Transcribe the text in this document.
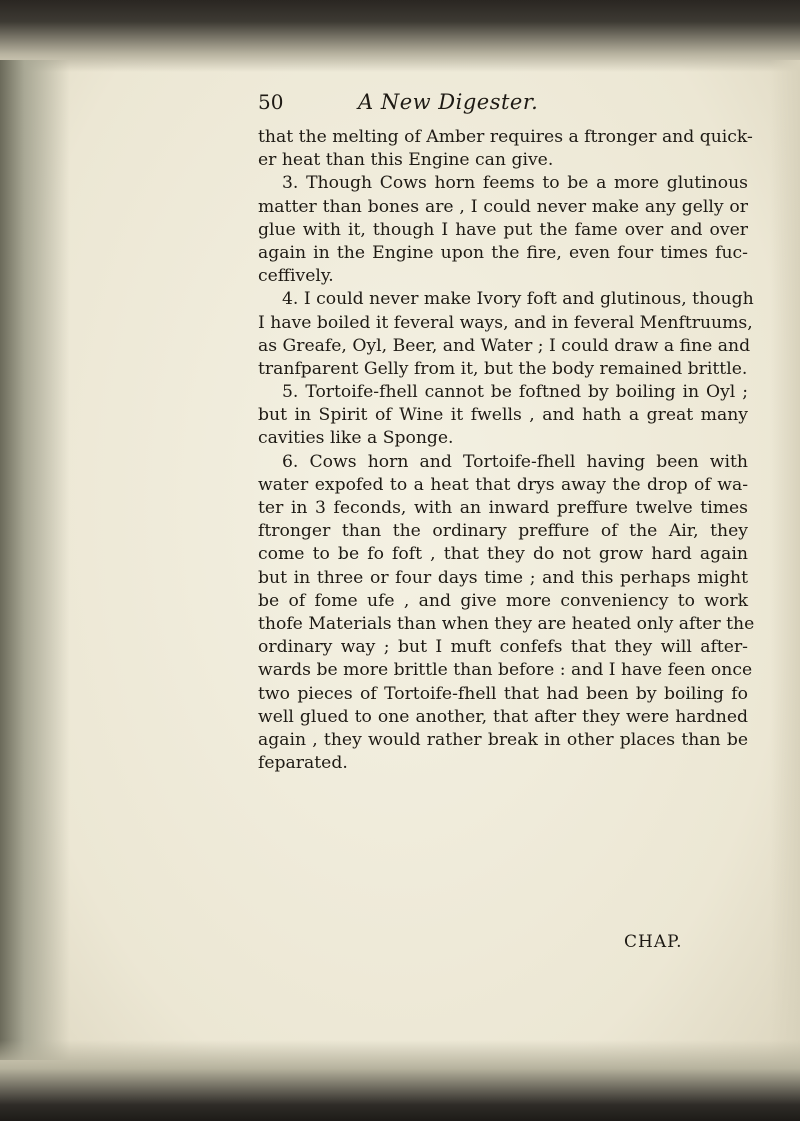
50	A New Digester.
that the melting of Amber requires a ftronger and quick-
er heat than this Engine can give.
3. Though Cows horn feems to be a more glutinous
matter than bones are , I could never make any gelly or
glue with it, though I have put the fame over and over
again in the Engine upon the fire, even four times fuc-
ceffively.
4. I could never make Ivory foft and glutinous, though
I have boiled it feveral ways, and in feveral Menftruums,
as Greafe, Oyl, Beer, and Water ; I could draw a fine and
tranfparent Gelly from it, but the body remained brittle.
5. Tortoife-fhell cannot be foftned by boiling in Oyl ;
but in Spirit of Wine it fwells , and hath a great many
cavities like a Sponge.
6. Cows horn and Tortoife-fhell having been with
water expofed to a heat that drys away the drop of wa-
ter in 3 feconds, with an inward preffure twelve times
ftronger than the ordinary preffure of the Air, they
come to be fo foft , that they do not grow hard again
but in three or four days time ; and this perhaps might
be of fome ufe , and give more conveniency to work
thofe Materials than when they are heated only after the
ordinary way ; but I muft confefs that they will after-
wards be more brittle than before : and I have feen once
two pieces of Tortoife-fhell that had been by boiling fo
well glued to one another, that after they were hardned
again , they would rather break in other places than be
feparated.
CHAP.
